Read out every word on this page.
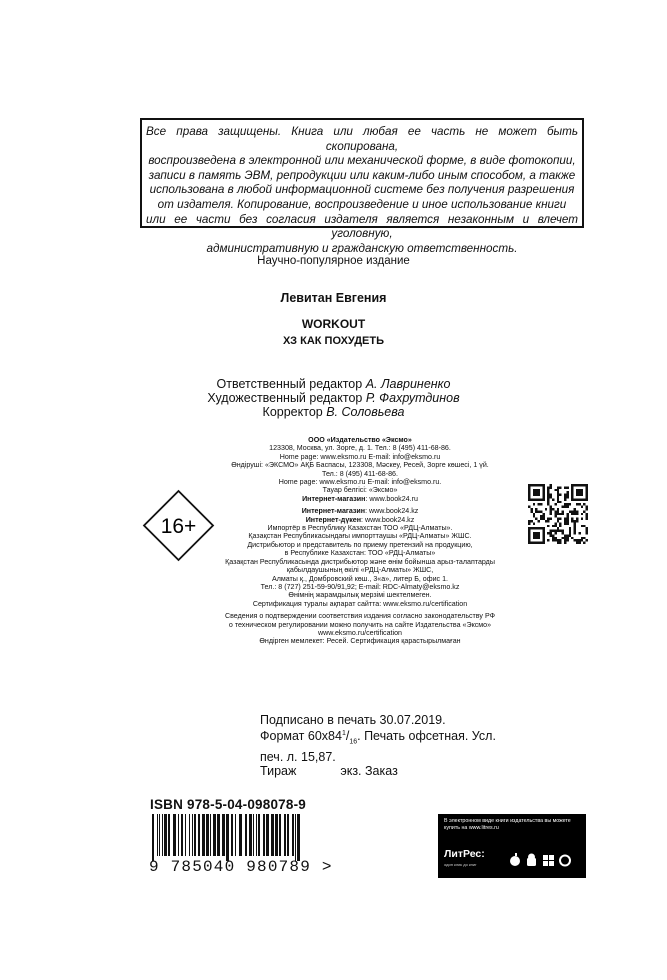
Все права защищены. Книга или любая ее часть не может быть скопирована,
воспроизведена в электронной или механической форме, в виде фотокопии,
записи в память ЭВМ, репродукции или каким-либо иным способом, а также
использована в любой информационной системе без получения разрешения
от издателя. Копирование, воспроизведение и иное использование книги
или ее части без согласия издателя является незаконным и влечет уголовную,
административную и гражданскую ответственность.

Научно-популярное издание
Левитан Евгения
WORKOUT
ХЗ КАК ПОХУДЕТЬ
Ответственный редактор А. Лавриненко
Художественный редактор Р. Фахрутдинов
Корректор В. Соловьева
ООО «Издательство «Эксмо»
123308, Москва, ул. Зорге, д. 1. Тел.: 8 (495) 411-68-86.
Home page: www.eksmo.ru E-mail: info@eksmo.ru
Өндіруші: «ЭКСМО» АҚБ Баспасы, 123308, Мәскеу, Ресей, Зорге көшесі, 1 үй.
Тел.: 8 (495) 411-68-86.
Home page: www.eksmo.ru E-mail: info@eksmo.ru.
Тауар белгісі: «Эксмо»
Интернет-магазин: www.book24.ru
Интернет-магазин: www.book24.kz
Интернет-дүкен: www.book24.kz
Импортёр в Республику Казахстан ТОО «РДЦ-Алматы».
Қазақстан Республикасындағы импорттаушы «РДЦ-Алматы» ЖШС.
Дистрибьютор и представитель по приему претензий на продукцию,
в Республике Казахстан: ТОО «РДЦ-Алматы»
Қазақстан Республикасында дистрибьютор және өнім бойынша арыз-талаптарды
қабылдаушының өкілі «РДЦ-Алматы» ЖШС,
Алматы қ., Домбровский көш., 3«а», литер Б, офис 1.
Тел.: 8 (727) 251-59-90/91,92; E-mail: RDC-Almaty@eksmo.kz
Өнімнің жарамдылық мерзімі шектелмеген.
Сертификация туралы ақпарат сайтта: www.eksmo.ru/certification
Сведения о подтверждении соответствия издания согласно законодательству РФ
о техническом регулировании можно получить на сайте Издательства «Эксмо»
www.eksmo.ru/certification
Өндірген мемлекет: Ресей. Сертификация қарастырылмаған
16+
Подписано в печать 30.07.2019.
Формат $60x84^1/_{16}$. Печать офсетная. Усл. печ. л. 15,87.
Тираж	экз. Заказ
ISBN 978-5-04-098078-9
9 785040 980789 >
В электронном виде книги издательства вы можете
купить на www.litres.ru
ЛитРес:
один клик до книг
